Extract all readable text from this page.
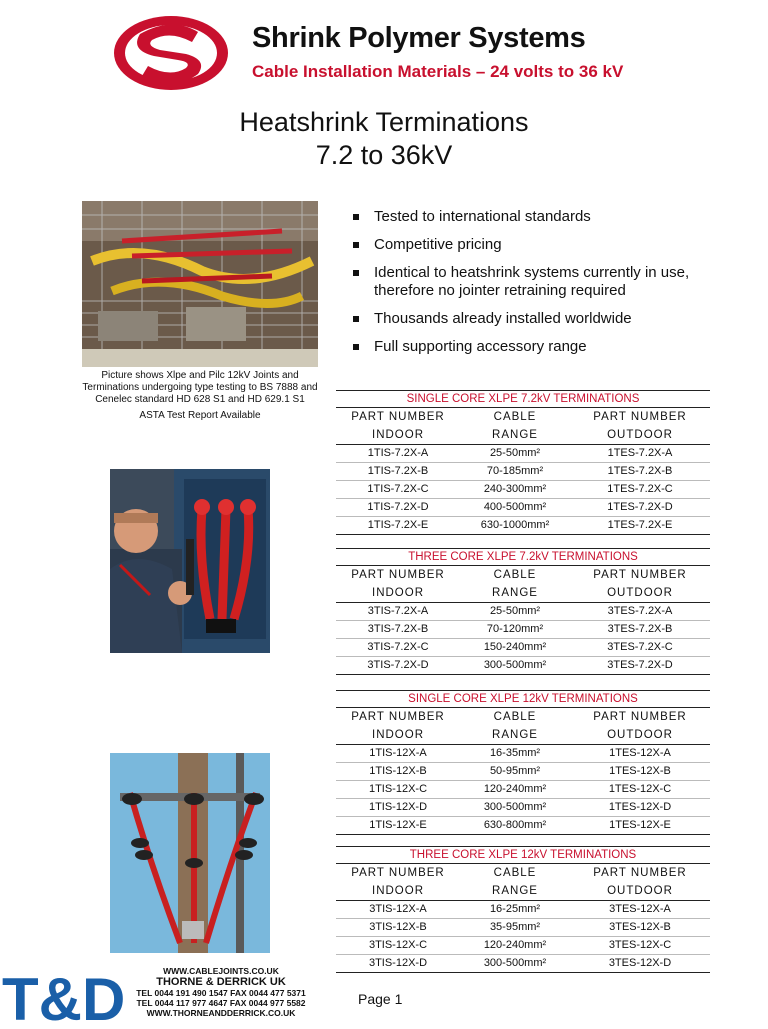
Shrink Polymer Systems
Cable Installation Materials – 24 volts to 36 kV
Heatshrink Terminations
7.2 to 36kV
Picture shows Xlpe and Pilc 12kV Joints and Terminations undergoing type testing to BS 7888 and Cenelec standard HD 628 S1 and HD 629.1 S1
ASTA Test Report Available
Tested to international standards
Competitive pricing
Identical to heatshrink systems currently in use, therefore no jointer retraining required
Thousands already installed worldwide
Full supporting accessory range
SINGLE CORE XLPE 7.2kV TERMINATIONS
PART NUMBER	CABLE	PART NUMBER
INDOOR	RANGE	OUTDOOR
1TIS-7.2X-A	25-50mm²	1TES-7.2X-A
1TIS-7.2X-B	70-185mm²	1TES-7.2X-B
1TIS-7.2X-C	240-300mm²	1TES-7.2X-C
1TIS-7.2X-D	400-500mm²	1TES-7.2X-D
1TIS-7.2X-E	630-1000mm²	1TES-7.2X-E
THREE CORE XLPE 7.2kV TERMINATIONS
PART NUMBER	CABLE	PART NUMBER
INDOOR	RANGE	OUTDOOR
3TIS-7.2X-A	25-50mm²	3TES-7.2X-A
3TIS-7.2X-B	70-120mm²	3TES-7.2X-B
3TIS-7.2X-C	150-240mm²	3TES-7.2X-C
3TIS-7.2X-D	300-500mm²	3TES-7.2X-D
SINGLE CORE XLPE 12kV TERMINATIONS
PART NUMBER	CABLE	PART NUMBER
INDOOR	RANGE	OUTDOOR
1TIS-12X-A	16-35mm²	1TES-12X-A
1TIS-12X-B	50-95mm²	1TES-12X-B
1TIS-12X-C	120-240mm²	1TES-12X-C
1TIS-12X-D	300-500mm²	1TES-12X-D
1TIS-12X-E	630-800mm²	1TES-12X-E
THREE CORE XLPE 12kV TERMINATIONS
PART NUMBER	CABLE	PART NUMBER
INDOOR	RANGE	OUTDOOR
3TIS-12X-A	16-25mm²	3TES-12X-A
3TIS-12X-B	35-95mm²	3TES-12X-B
3TIS-12X-C	120-240mm²	3TES-12X-C
3TIS-12X-D	300-500mm²	3TES-12X-D
T&D	WWW.CABLEJOINTS.CO.UK
THORNE & DERRICK UK
TEL 0044 191 490 1547 FAX 0044 477 5371
TEL 0044 117 977 4647 FAX 0044 977 5582
WWW.THORNEANDDERRICK.CO.UK
Page 1
